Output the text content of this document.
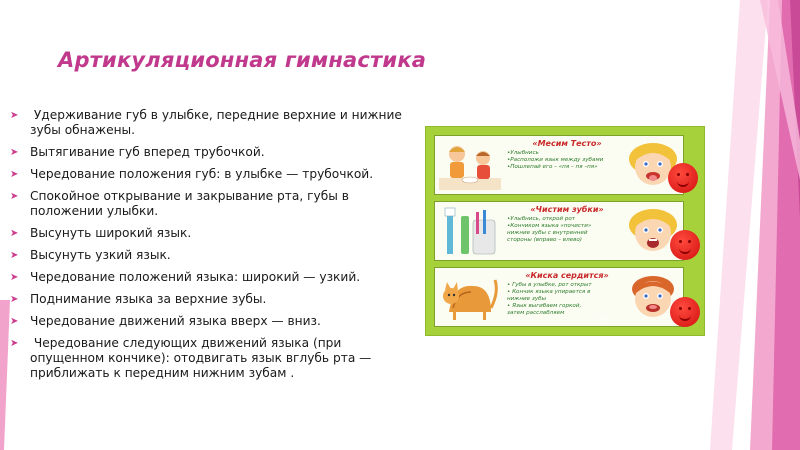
Артикуляционная гимнастика
➤ Удерживание губ в улыбке, передние верхние и нижние зубы обнажены.
➤ Вытягивание губ вперед трубочкой.
➤ Чередование положения губ: в улыбке — трубочкой.
➤ Спокойное открывание и закрывание рта, губы в положении улыбки.
➤ Высунуть широкий язык.
➤ Высунуть узкий язык.
➤ Чередование положений языка: широкий — узкий.
➤ Поднимание языка за верхние зубы.
➤ Чередование движений языка вверх — вниз.
➤ Чередование следующих движений языка (при опущенном кончике): отодвигать язык вглубь рта — приближать к передним нижним зубам .
«Месим Тесто»
•Улыбнись
•Расположи язык между зубами
•Пошлепай его – «пя – пя –пя»
«Чистим зубки»
•Улыбнись, открой рот
•Кончиком языка «почисти»
нижние зубы с внутренней
стороны (вправо – влево)
«Киска сердится»
• Губы в улыбке, рот открыт
• Кончик языка упирается в
нижние зубы
• Язык выгибаем горкой,
затем расслабляем	ru
